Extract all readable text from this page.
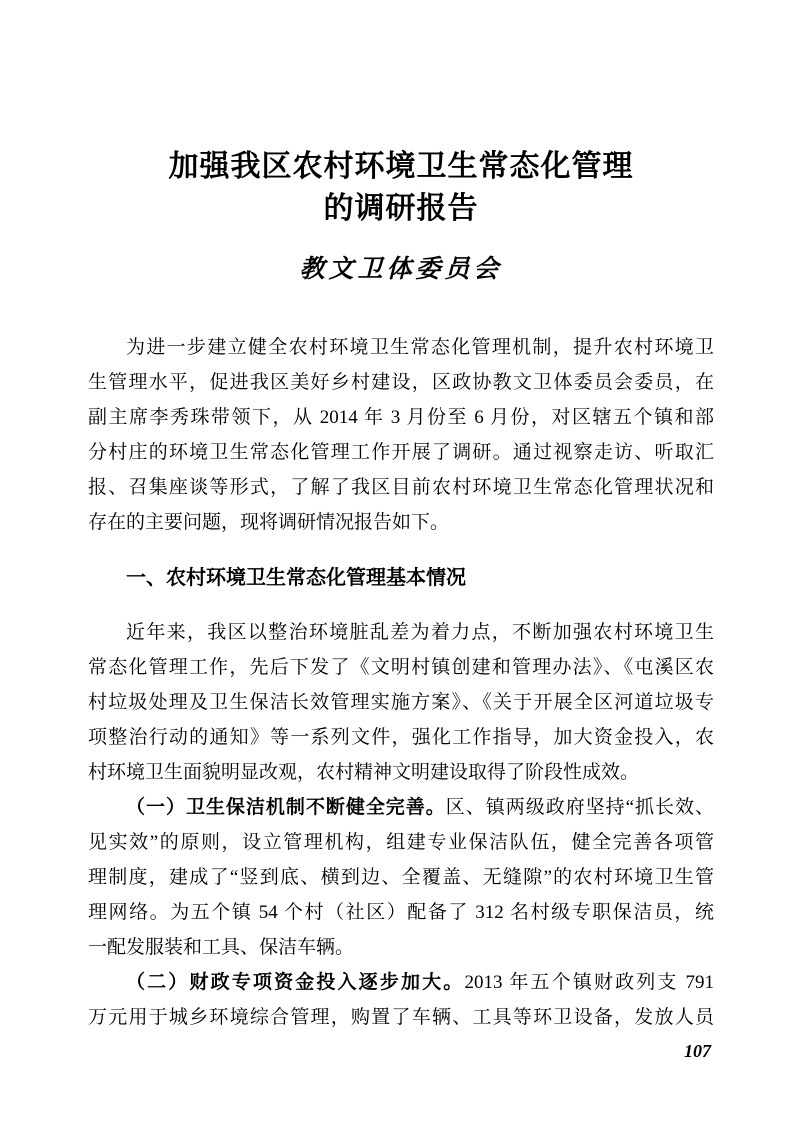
加强我区农村环境卫生常态化管理
的调研报告
教文卫体委员会
为进一步建立健全农村环境卫生常态化管理机制，提升农村环境卫
生管理水平，促进我区美好乡村建设，区政协教文卫体委员会委员，在
副主席李秀珠带领下，从 2014 年 3 月份至 6 月份，对区辖五个镇和部
分村庄的环境卫生常态化管理工作开展了调研。通过视察走访、听取汇
报、召集座谈等形式，了解了我区目前农村环境卫生常态化管理状况和
存在的主要问题，现将调研情况报告如下。
一、农村环境卫生常态化管理基本情况
近年来，我区以整治环境脏乱差为着力点，不断加强农村环境卫生
常态化管理工作，先后下发了《文明村镇创建和管理办法》、《屯溪区农
村垃圾处理及卫生保洁长效管理实施方案》、《关于开展全区河道垃圾专
项整治行动的通知》等一系列文件，强化工作指导，加大资金投入，农
村环境卫生面貌明显改观，农村精神文明建设取得了阶段性成效。
（一）卫生保洁机制不断健全完善。区、镇两级政府坚持“抓长效、
见实效”的原则，设立管理机构，组建专业保洁队伍，健全完善各项管
理制度，建成了“竖到底、横到边、全覆盖、无缝隙”的农村环境卫生管
理网络。为五个镇 54 个村（社区）配备了 312 名村级专职保洁员，统
一配发服装和工具、保洁车辆。
（二）财政专项资金投入逐步加大。2013 年五个镇财政列支 791
万元用于城乡环境综合管理，购置了车辆、工具等环卫设备，发放人员
107
